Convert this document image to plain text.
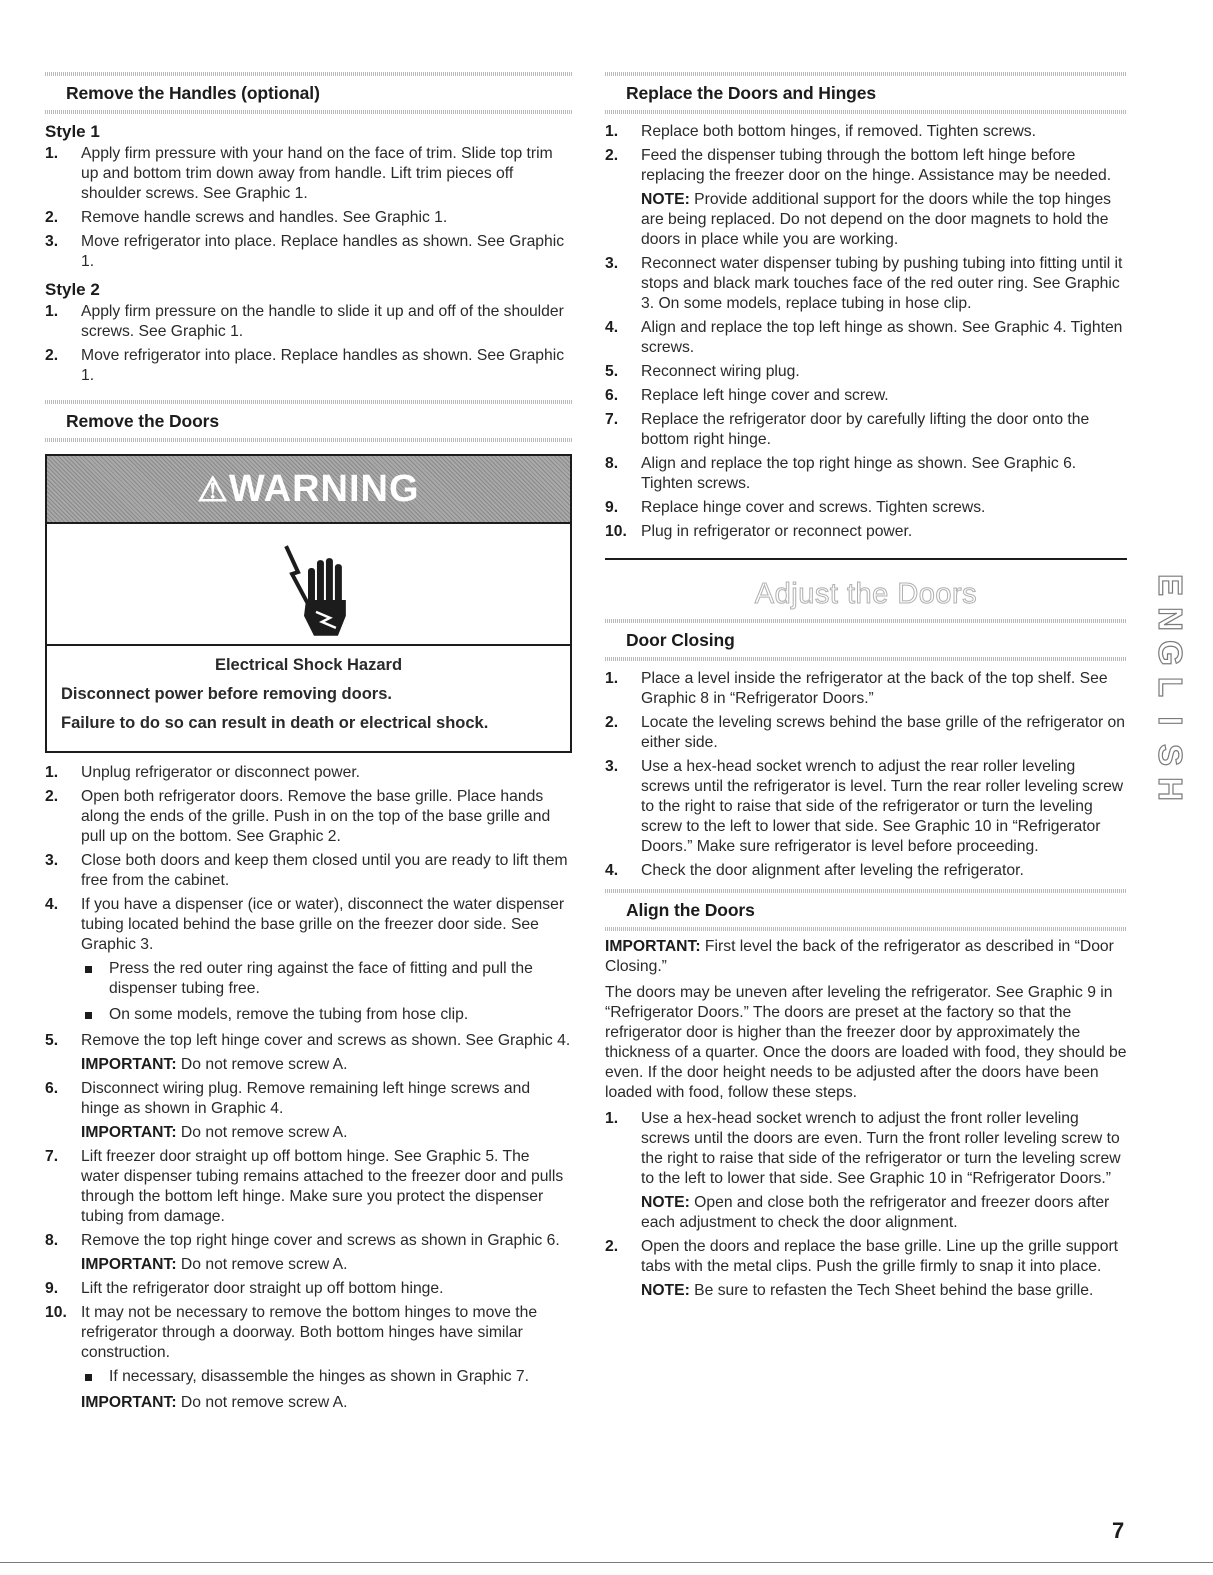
Remove the Handles (optional)
Style 1
1. Apply firm pressure with your hand on the face of trim. Slide top trim up and bottom trim down away from handle. Lift trim pieces off shoulder screws. See Graphic 1.
2. Remove handle screws and handles. See Graphic 1.
3. Move refrigerator into place. Replace handles as shown. See Graphic 1.
Style 2
1. Apply firm pressure on the handle to slide it up and off of the shoulder screws. See Graphic 1.
2. Move refrigerator into place. Replace handles as shown. See Graphic 1.
Remove the Doors
⚠WARNING
Electrical Shock Hazard
Disconnect power before removing doors.
Failure to do so can result in death or electrical shock.
1. Unplug refrigerator or disconnect power.
2. Open both refrigerator doors. Remove the base grille. Place hands along the ends of the grille. Push in on the top of the base grille and pull up on the bottom. See Graphic 2.
3. Close both doors and keep them closed until you are ready to lift them free from the cabinet.
4. If you have a dispenser (ice or water), disconnect the water dispenser tubing located behind the base grille on the freezer door side. See Graphic 3.
Press the red outer ring against the face of fitting and pull the dispenser tubing free.
On some models, remove the tubing from hose clip.
5. Remove the top left hinge cover and screws as shown. See Graphic 4.
IMPORTANT: Do not remove screw A.
6. Disconnect wiring plug. Remove remaining left hinge screws and hinge as shown in Graphic 4.
IMPORTANT: Do not remove screw A.
7. Lift freezer door straight up off bottom hinge. See Graphic 5. The water dispenser tubing remains attached to the freezer door and pulls through the bottom left hinge. Make sure you protect the dispenser tubing from damage.
8. Remove the top right hinge cover and screws as shown in Graphic 6.
IMPORTANT: Do not remove screw A.
9. Lift the refrigerator door straight up off bottom hinge.
10. It may not be necessary to remove the bottom hinges to move the refrigerator through a doorway. Both bottom hinges have similar construction.
If necessary, disassemble the hinges as shown in Graphic 7.
IMPORTANT: Do not remove screw A.
Replace the Doors and Hinges
1. Replace both bottom hinges, if removed. Tighten screws.
2. Feed the dispenser tubing through the bottom left hinge before replacing the freezer door on the hinge. Assistance may be needed.
NOTE: Provide additional support for the doors while the top hinges are being replaced. Do not depend on the door magnets to hold the doors in place while you are working.
3. Reconnect water dispenser tubing by pushing tubing into fitting until it stops and black mark touches face of the red outer ring. See Graphic 3. On some models, replace tubing in hose clip.
4. Align and replace the top left hinge as shown. See Graphic 4. Tighten screws.
5. Reconnect wiring plug.
6. Replace left hinge cover and screw.
7. Replace the refrigerator door by carefully lifting the door onto the bottom right hinge.
8. Align and replace the top right hinge as shown. See Graphic 6. Tighten screws.
9. Replace hinge cover and screws. Tighten screws.
10. Plug in refrigerator or reconnect power.
Adjust the Doors
Door Closing
1. Place a level inside the refrigerator at the back of the top shelf. See Graphic 8 in “Refrigerator Doors.”
2. Locate the leveling screws behind the base grille of the refrigerator on either side.
3. Use a hex-head socket wrench to adjust the rear roller leveling screws until the refrigerator is level. Turn the rear roller leveling screw to the right to raise that side of the refrigerator or turn the leveling screw to the left to lower that side. See Graphic 10 in “Refrigerator Doors.” Make sure refrigerator is level before proceeding.
4. Check the door alignment after leveling the refrigerator.
Align the Doors

IMPORTANT: First level the back of the refrigerator as described in “Door Closing.”

The doors may be uneven after leveling the refrigerator. See Graphic 9 in “Refrigerator Doors.” The doors are preset at the factory so that the refrigerator door is higher than the freezer door by approximately the thickness of a quarter. Once the doors are loaded with food, they should be even. If the door height needs to be adjusted after the doors have been loaded with food, follow these steps.

1. Use a hex-head socket wrench to adjust the front roller leveling screws until the doors are even. Turn the front roller leveling screw to the right to raise that side of the refrigerator or turn the leveling screw to the left to lower that side. See Graphic 10 in “Refrigerator Doors.”
NOTE: Open and close both the refrigerator and freezer doors after each adjustment to check the door alignment.
2. Open the doors and replace the base grille. Line up the grille support tabs with the metal clips. Push the grille firmly to snap it into place.
NOTE: Be sure to refasten the Tech Sheet behind the base grille.
E
N
G
L
I
S
H
7
